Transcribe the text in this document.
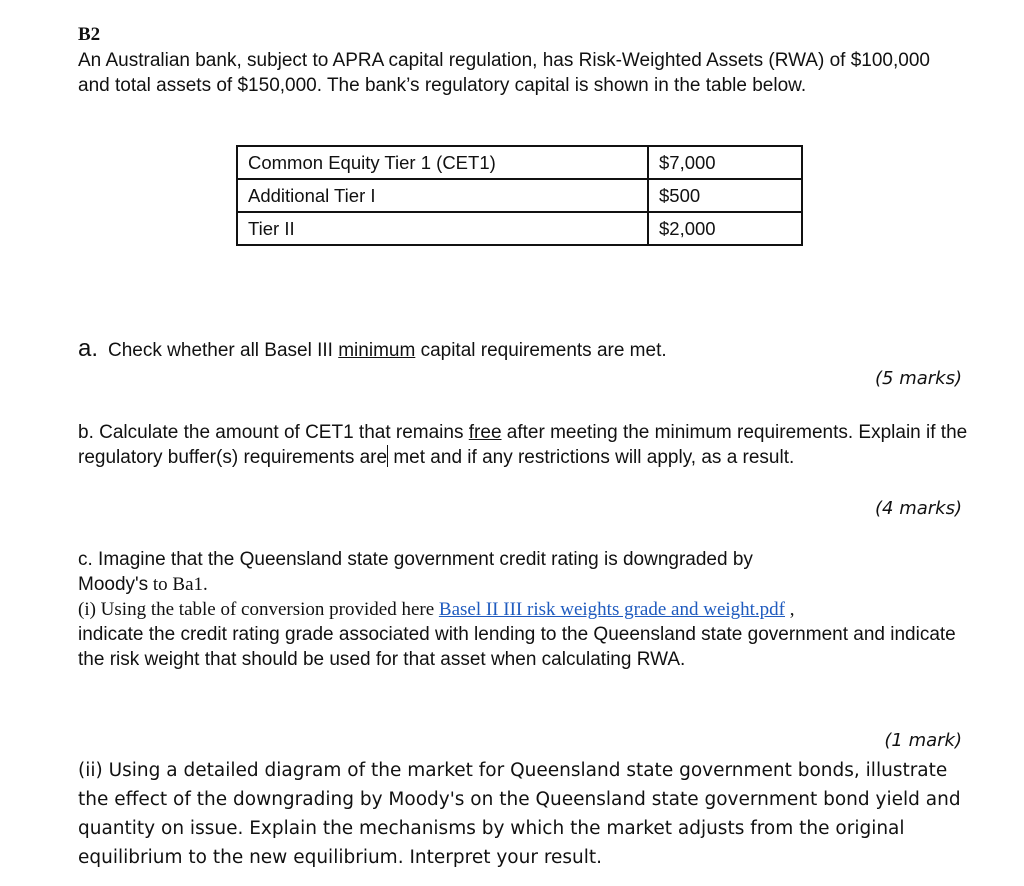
B2
An Australian bank, subject to APRA capital regulation, has Risk-Weighted Assets (RWA) of $100,000 and total assets of $150,000. The bank’s regulatory capital is shown in the table below.
Common Equity Tier 1 (CET1)	$7,000
Additional Tier I	$500
Tier II	$2,000
a. Check whether all Basel III minimum capital requirements are met.
(5 marks)
b. Calculate the amount of CET1 that remains free after meeting the minimum requirements. Explain if the regulatory buffer(s) requirements are met and if any restrictions will apply, as a result.
(4 marks)
c. Imagine that the Queensland state government credit rating is downgraded by Moody's to Ba1.
(i) Using the table of conversion provided here Basel II III risk weights grade and weight.pdf ,
indicate the credit rating grade associated with lending to the Queensland state government and indicate the risk weight that should be used for that asset when calculating RWA.
(1 mark)
(ii) Using a detailed diagram of the market for Queensland state government bonds, illustrate the effect of the downgrading by Moody's on the Queensland state government bond yield and quantity on issue. Explain the mechanisms by which the market adjusts from the original equilibrium to the new equilibrium. Interpret your result.
